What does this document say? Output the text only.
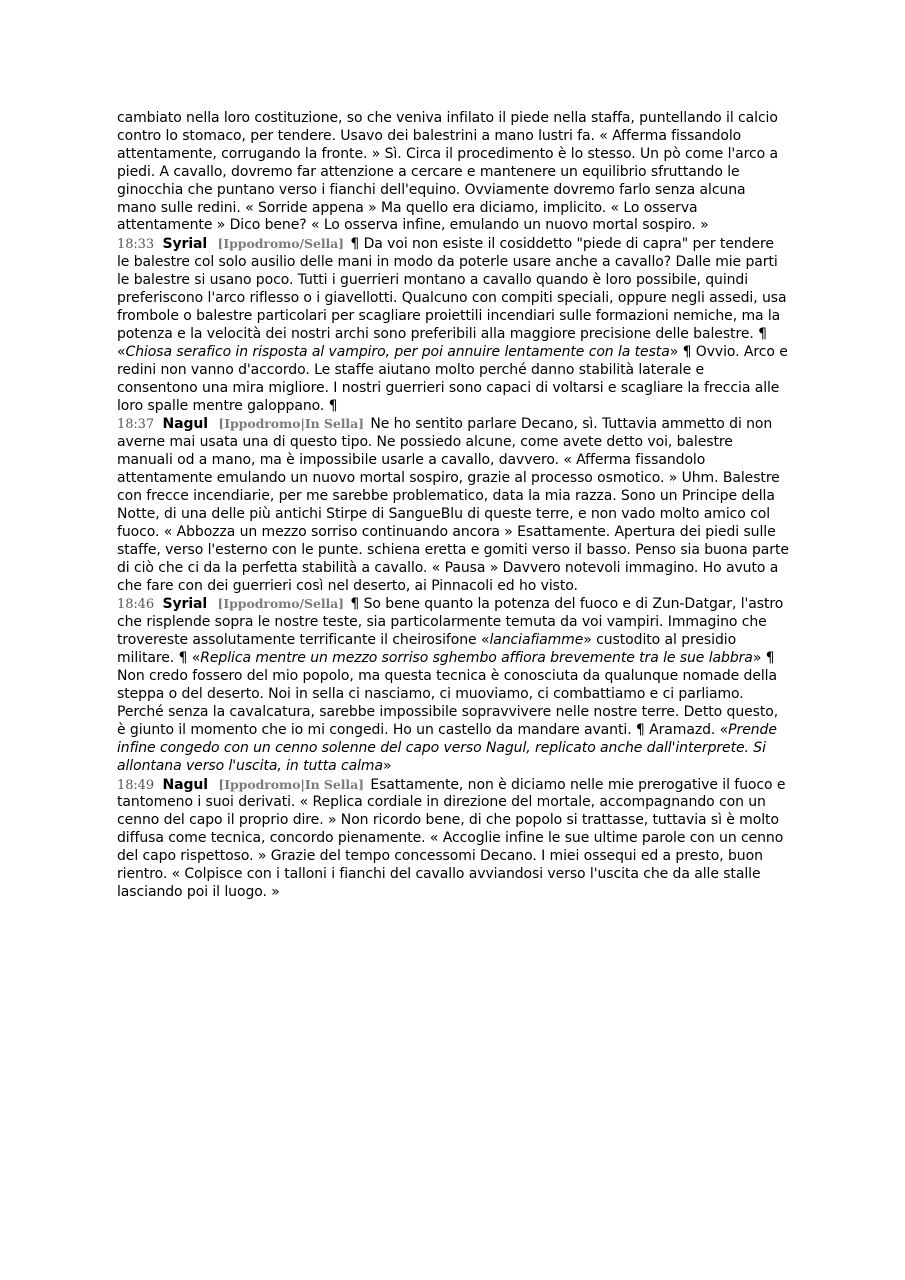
cambiato nella loro costituzione, so che veniva infilato il piede nella staffa, puntellando il calcio contro lo stomaco, per tendere. Usavo dei balestrini a mano lustri fa. « Afferma fissandolo attentamente, corrugando la fronte. » Sì. Circa il procedimento è lo stesso. Un pò come l'arco a piedi. A cavallo, dovremo far attenzione a cercare e mantenere un equilibrio sfruttando le ginocchia che puntano verso i fianchi dell'equino. Ovviamente dovremo farlo senza alcuna mano sulle redini. « Sorride appena » Ma quello era diciamo, implicito. « Lo osserva attentamente » Dico bene? « Lo osserva infine, emulando un nuovo mortal sospiro. »

18:33 Syrial [Ippodromo/Sella] ¶ Da voi non esiste il cosiddetto "piede di capra" per tendere le balestre col solo ausilio delle mani in modo da poterle usare anche a cavallo? Dalle mie parti le balestre si usano poco. Tutti i guerrieri montano a cavallo quando è loro possibile, quindi preferiscono l'arco riflesso o i giavellotti. Qualcuno con compiti speciali, oppure negli assedi, usa frombole o balestre particolari per scagliare proiettili incendiari sulle formazioni nemiche, ma la potenza e la velocità dei nostri archi sono preferibili alla maggiore precisione delle balestre. ¶ «Chiosa serafico in risposta al vampiro, per poi annuire lentamente con la testa» ¶ Ovvio. Arco e redini non vanno d'accordo. Le staffe aiutano molto perché danno stabilità laterale e consentono una mira migliore. I nostri guerrieri sono capaci di voltarsi e scagliare la freccia alle loro spalle mentre galoppano. ¶

18:37 Nagul [Ippodromo|In Sella] Ne ho sentito parlare Decano, sì. Tuttavia ammetto di non averne mai usata una di questo tipo. Ne possiedo alcune, come avete detto voi, balestre manuali od a mano, ma è impossibile usarle a cavallo, davvero. « Afferma fissandolo attentamente emulando un nuovo mortal sospiro, grazie al processo osmotico. » Uhm. Balestre con frecce incendiarie, per me sarebbe problematico, data la mia razza. Sono un Principe della Notte, di una delle più antichi Stirpe di SangueBlu di queste terre, e non vado molto amico col fuoco. « Abbozza un mezzo sorriso continuando ancora » Esattamente. Apertura dei piedi sulle staffe, verso l'esterno con le punte. schiena eretta e gomiti verso il basso. Penso sia buona parte di ciò che ci da la perfetta stabilità a cavallo. « Pausa » Davvero notevoli immagino. Ho avuto a che fare con dei guerrieri così nel deserto, ai Pinnacoli ed ho visto.

18:46 Syrial [Ippodromo/Sella] ¶ So bene quanto la potenza del fuoco e di Zun-Datgar, l'astro che risplende sopra le nostre teste, sia particolarmente temuta da voi vampiri. Immagino che trovereste assolutamente terrificante il cheirosifone «lanciafiamme» custodito al presidio militare. ¶ «Replica mentre un mezzo sorriso sghembo affiora brevemente tra le sue labbra» ¶ Non credo fossero del mio popolo, ma questa tecnica è conosciuta da qualunque nomade della steppa o del deserto. Noi in sella ci nasciamo, ci muoviamo, ci combattiamo e ci parliamo. Perché senza la cavalcatura, sarebbe impossibile sopravvivere nelle nostre terre. Detto questo, è giunto il momento che io mi congedi. Ho un castello da mandare avanti. ¶ Aramazd. «Prende infine congedo con un cenno solenne del capo verso Nagul, replicato anche dall'interprete. Si allontana verso l'uscita, in tutta calma»

18:49 Nagul [Ippodromo|In Sella] Esattamente, non è diciamo nelle mie prerogative il fuoco e tantomeno i suoi derivati. « Replica cordiale in direzione del mortale, accompagnando con un cenno del capo il proprio dire. » Non ricordo bene, di che popolo si trattasse, tuttavia sì è molto diffusa come tecnica, concordo pienamente. « Accoglie infine le sue ultime parole con un cenno del capo rispettoso. » Grazie del tempo concessomi Decano. I miei ossequi ed a presto, buon rientro. « Colpisce con i talloni i fianchi del cavallo avviandosi verso l'uscita che da alle stalle lasciando poi il luogo. »
